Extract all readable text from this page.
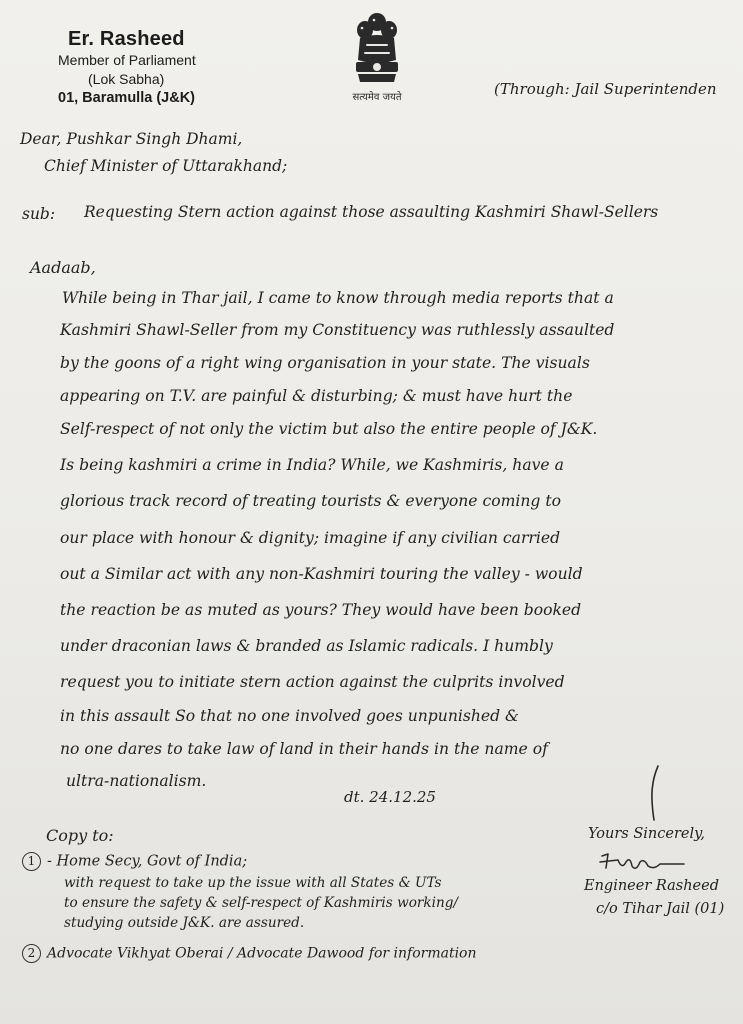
Er. Rasheed
Member of Parliament
(Lok Sabha)
01, Baramulla (J&K)	सत्यमेव जयते	(Through: Jail Superintenden
Dear, Pushkar Singh Dhami,
Chief Minister of Uttarakhand;
sub: Requesting Stern action against those assaulting Kashmiri Shawl-Sellers
Aadaab,
While being in Thar jail, I came to know through media reports that a
Kashmiri Shawl-Seller from my Constituency was ruthlessly assaulted
by the goons of a right wing organisation in your state. The visuals
appearing on T.V. are painful & disturbing; & must have hurt the
Self-respect of not only the victim but also the entire people of J&K.
Is being kashmiri a crime in India? While, we Kashmiris, have a
glorious track record of treating tourists & everyone coming to
our place with honour & dignity; imagine if any civilian carried
out a Similar act with any non-Kashmiri touring the valley - would
the reaction be as muted as yours? They would have been booked
under draconian laws & branded as Islamic radicals. I humbly
request you to initiate stern action against the culprits involved
in this assault So that no one involved goes unpunished &
no one dares to take law of land in their hands in the name of
ultra-nationalism.
dt. 24.12.25
Copy to:
1 - Home Secy, Govt of India;
with request to take up the issue with all States & UTs
to ensure the safety & self-respect of Kashmiris working/
studying outside J&K. are assured.
2 Advocate Vikhyat Oberai / Advocate Dawood for information
Yours Sincerely,
Engineer Rasheed
c/o Tihar Jail (01)
